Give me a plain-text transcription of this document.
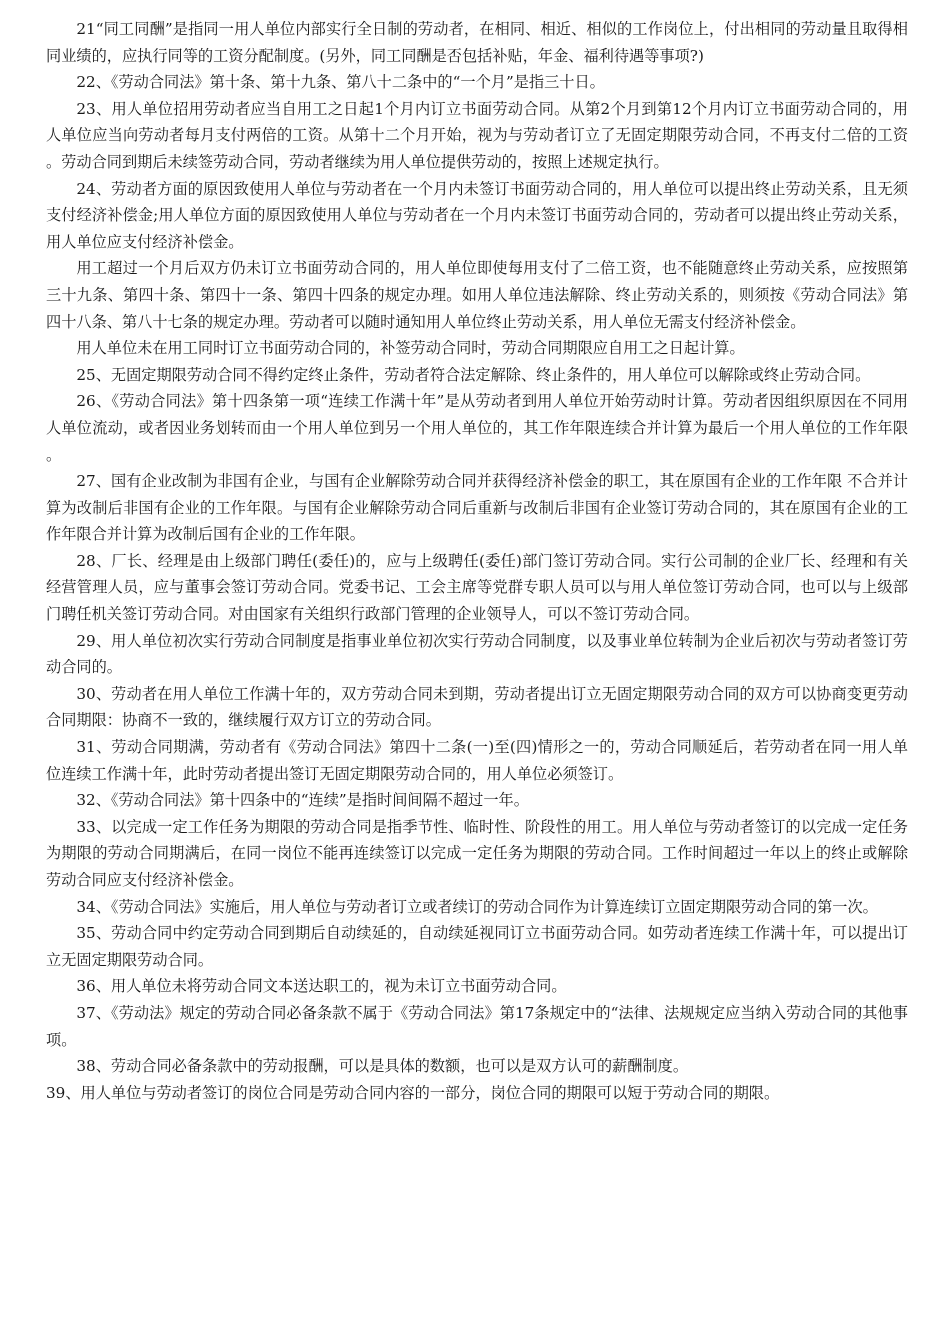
21“同工同酬”是指同一用人单位内部实行全日制的劳动者，在相同、相近、相似的工作岗位上，付出相同的劳动量且取得相同业绩的，应执行同等的工资分配制度。(另外，同工同酬是否包括补贴，年金、福利待遇等事项?)

22、《劳动合同法》第十条、第十九条、第八十二条中的“一个月”是指三十日。

23、用人单位招用劳动者应当自用工之日起1个月内订立书面劳动合同。从第2个月到第12个月内订立书面劳动合同的，用人单位应当向劳动者每月支付两倍的工资。从第十二个月开始，视为与劳动者订立了无固定期限劳动合同，不再支付二倍的工资。劳动合同到期后未续签劳动合同，劳动者继续为用人单位提供劳动的，按照上述规定执行。

24、劳动者方面的原因致使用人单位与劳动者在一个月内未签订书面劳动合同的，用人单位可以提出终止劳动关系，且无须支付经济补偿金;用人单位方面的原因致使用人单位与劳动者在一个月内未签订书面劳动合同的，劳动者可以提出终止劳动关系，用人单位应支付经济补偿金。

用工超过一个月后双方仍未订立书面劳动合同的，用人单位即使每用支付了二倍工资，也不能随意终止劳动关系，应按照第三十九条、第四十条、第四十一条、第四十四条的规定办理。如用人单位违法解除、终止劳动关系的，则须按《劳动合同法》第四十八条、第八十七条的规定办理。劳动者可以随时通知用人单位终止劳动关系，用人单位无需支付经济补偿金。

用人单位未在用工同时订立书面劳动合同的，补签劳动合同时，劳动合同期限应自用工之日起计算。

25、无固定期限劳动合同不得约定终止条件，劳动者符合法定解除、终止条件的，用人单位可以解除或终止劳动合同。

26、《劳动合同法》第十四条第一项“连续工作满十年”是从劳动者到用人单位开始劳动时计算。劳动者因组织原因在不同用人单位流动，或者因业务划转而由一个用人单位到另一个用人单位的，其工作年限连续合并计算为最后一个用人单位的工作年限。

27、国有企业改制为非国有企业，与国有企业解除劳动合同并获得经济补偿金的职工，其在原国有企业的工作年限 不合并计算为改制后非国有企业的工作年限。与国有企业解除劳动合同后重新与改制后非国有企业签订劳动合同的，其在原国有企业的工作年限合并计算为改制后国有企业的工作年限。

28、厂长、经理是由上级部门聘任(委任)的，应与上级聘任(委任)部门签订劳动合同。实行公司制的企业厂长、经理和有关经营管理人员，应与董事会签订劳动合同。党委书记、工会主席等党群专职人员可以与用人单位签订劳动合同，也可以与上级部门聘任机关签订劳动合同。对由国家有关组织行政部门管理的企业领导人，可以不签订劳动合同。

29、用人单位初次实行劳动合同制度是指事业单位初次实行劳动合同制度，以及事业单位转制为企业后初次与劳动者签订劳动合同的。

30、劳动者在用人单位工作满十年的，双方劳动合同未到期，劳动者提出订立无固定期限劳动合同的双方可以协商变更劳动合同期限：协商不一致的，继续履行双方订立的劳动合同。

31、劳动合同期满，劳动者有《劳动合同法》第四十二条(一)至(四)情形之一的，劳动合同顺延后，若劳动者在同一用人单位连续工作满十年，此时劳动者提出签订无固定期限劳动合同的，用人单位必须签订。

32、《劳动合同法》第十四条中的“连续”是指时间间隔不超过一年。

33、以完成一定工作任务为期限的劳动合同是指季节性、临时性、阶段性的用工。用人单位与劳动者签订的以完成一定任务为期限的劳动合同期满后，在同一岗位不能再连续签订以完成一定任务为期限的劳动合同。工作时间超过一年以上的终止或解除劳动合同应支付经济补偿金。

34、《劳动合同法》实施后，用人单位与劳动者订立或者续订的劳动合同作为计算连续订立固定期限劳动合同的第一次。

35、劳动合同中约定劳动合同到期后自动续延的，自动续延视同订立书面劳动合同。如劳动者连续工作满十年，可以提出订立无固定期限劳动合同。

36、用人单位未将劳动合同文本送达职工的，视为未订立书面劳动合同。

37、《劳动法》规定的劳动合同必备条款不属于《劳动合同法》第17条规定中的“法律、法规规定应当纳入劳动合同的其他事项。

38、劳动合同必备条款中的劳动报酬，可以是具体的数额，也可以是双方认可的薪酬制度。

39、用人单位与劳动者签订的岗位合同是劳动合同内容的一部分，岗位合同的期限可以短于劳动合同的期限。
